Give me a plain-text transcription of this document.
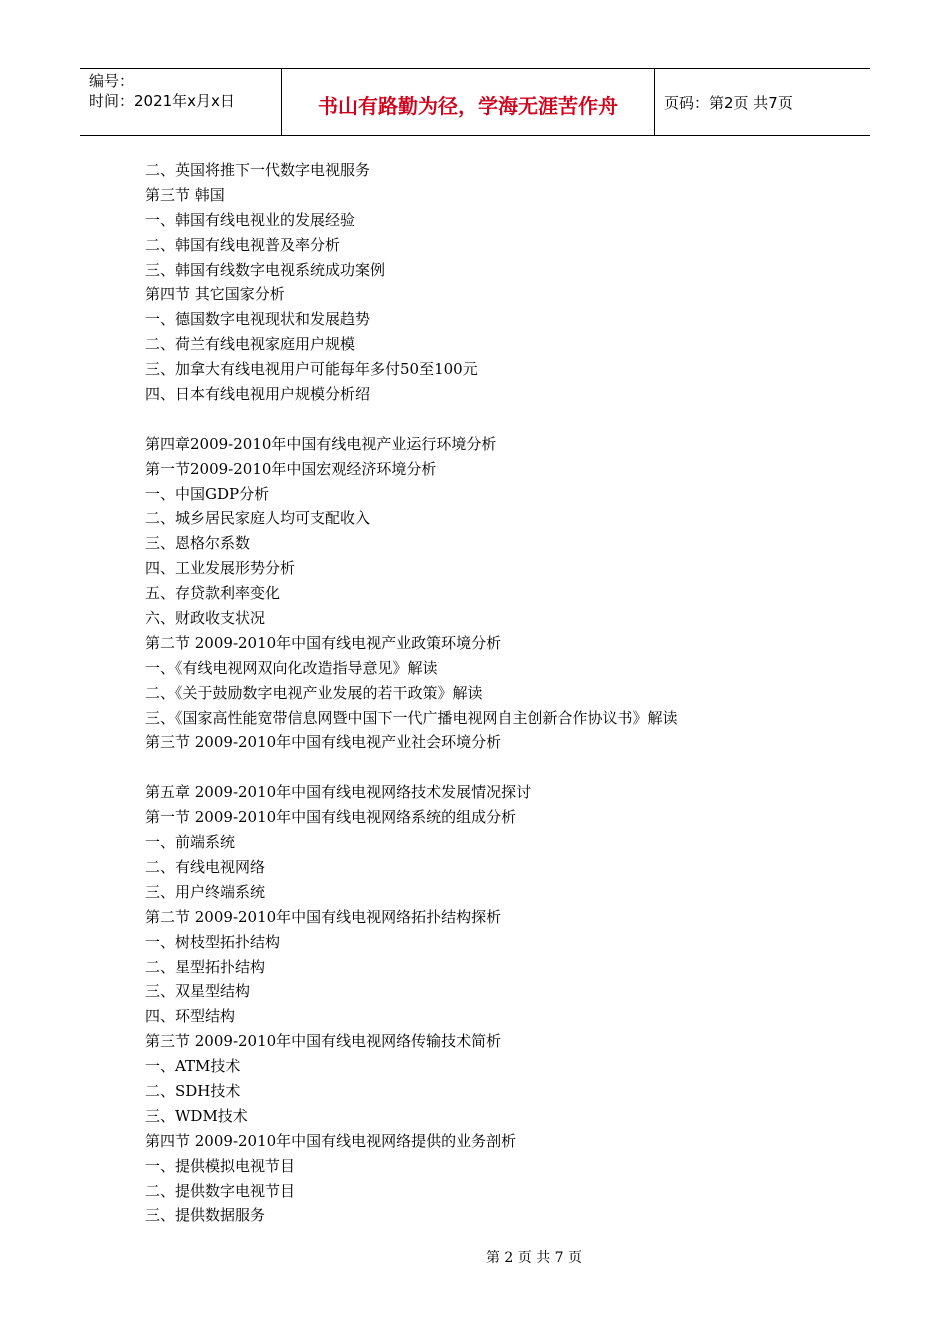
编号：
时间：2021年x月x日	书山有路勤为径，学海无涯苦作舟	页码：第2页 共7页
二、英国将推下一代数字电视服务
第三节 韩国
一、韩国有线电视业的发展经验
二、韩国有线电视普及率分析
三、韩国有线数字电视系统成功案例
第四节 其它国家分析
一、德国数字电视现状和发展趋势
二、荷兰有线电视家庭用户规模
三、加拿大有线电视用户可能每年多付50至100元
四、日本有线电视用户规模分析绍
第四章2009-2010年中国有线电视产业运行环境分析
第一节2009-2010年中国宏观经济环境分析
一、中国GDP分析
二、城乡居民家庭人均可支配收入
三、恩格尔系数
四、工业发展形势分析
五、存贷款利率变化
六、财政收支状况
第二节 2009-2010年中国有线电视产业政策环境分析
一、《有线电视网双向化改造指导意见》解读
二、《关于鼓励数字电视产业发展的若干政策》解读
三、《国家高性能宽带信息网暨中国下一代广播电视网自主创新合作协议书》解读
第三节 2009-2010年中国有线电视产业社会环境分析
第五章 2009-2010年中国有线电视网络技术发展情况探讨
第一节 2009-2010年中国有线电视网络系统的组成分析
一、前端系统
二、有线电视网络
三、用户终端系统
第二节 2009-2010年中国有线电视网络拓扑结构探析
一、树枝型拓扑结构
二、星型拓扑结构
三、双星型结构
四、环型结构
第三节 2009-2010年中国有线电视网络传输技术简析
一、ATM技术
二、SDH技术
三、WDM技术
第四节 2009-2010年中国有线电视网络提供的业务剖析
一、提供模拟电视节目
二、提供数字电视节目
三、提供数据服务
第 2 页 共 7 页
